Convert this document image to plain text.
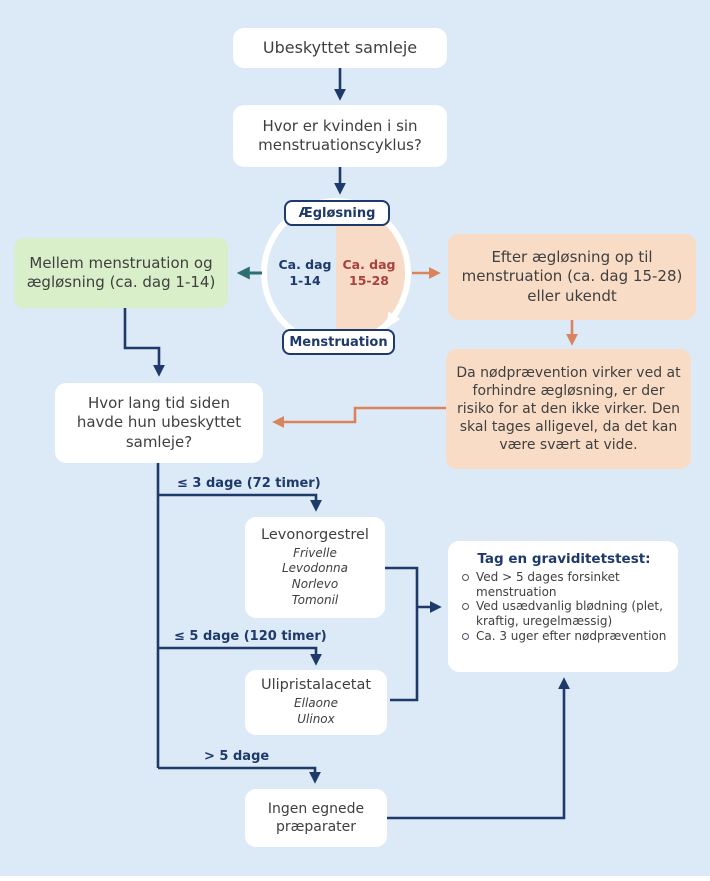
Ubeskyttet samleje
Hvor er kvinden i sin menstruationscyklus?
Ægløsning
Menstruation
Ca. dag 1-14
Ca. dag 15-28
Mellem menstruation og ægløsning (ca. dag 1-14)
Efter ægløsning op til menstruation (ca. dag 15-28) eller ukendt
Da nødprævention virker ved at forhindre ægløsning, er der risiko for at den ikke virker. Den skal tages alligevel, da det kan være svært at vide.
Hvor lang tid siden havde hun ubeskyttet samleje?
≤ 3 dage (72 timer)
≤ 5 dage (120 timer)
> 5 dage
Levonorgestrel
Frivelle
Levodonna
Norlevo
Tomonil
Ulipristalacetat
Ellaone
Ulinox
Ingen egnede præparater
Tag en graviditetstest:
Ved > 5 dages forsinket menstruation
Ved usædvanlig blødning (plet, kraftig, uregelmæssig)
Ca. 3 uger efter nødprævention
